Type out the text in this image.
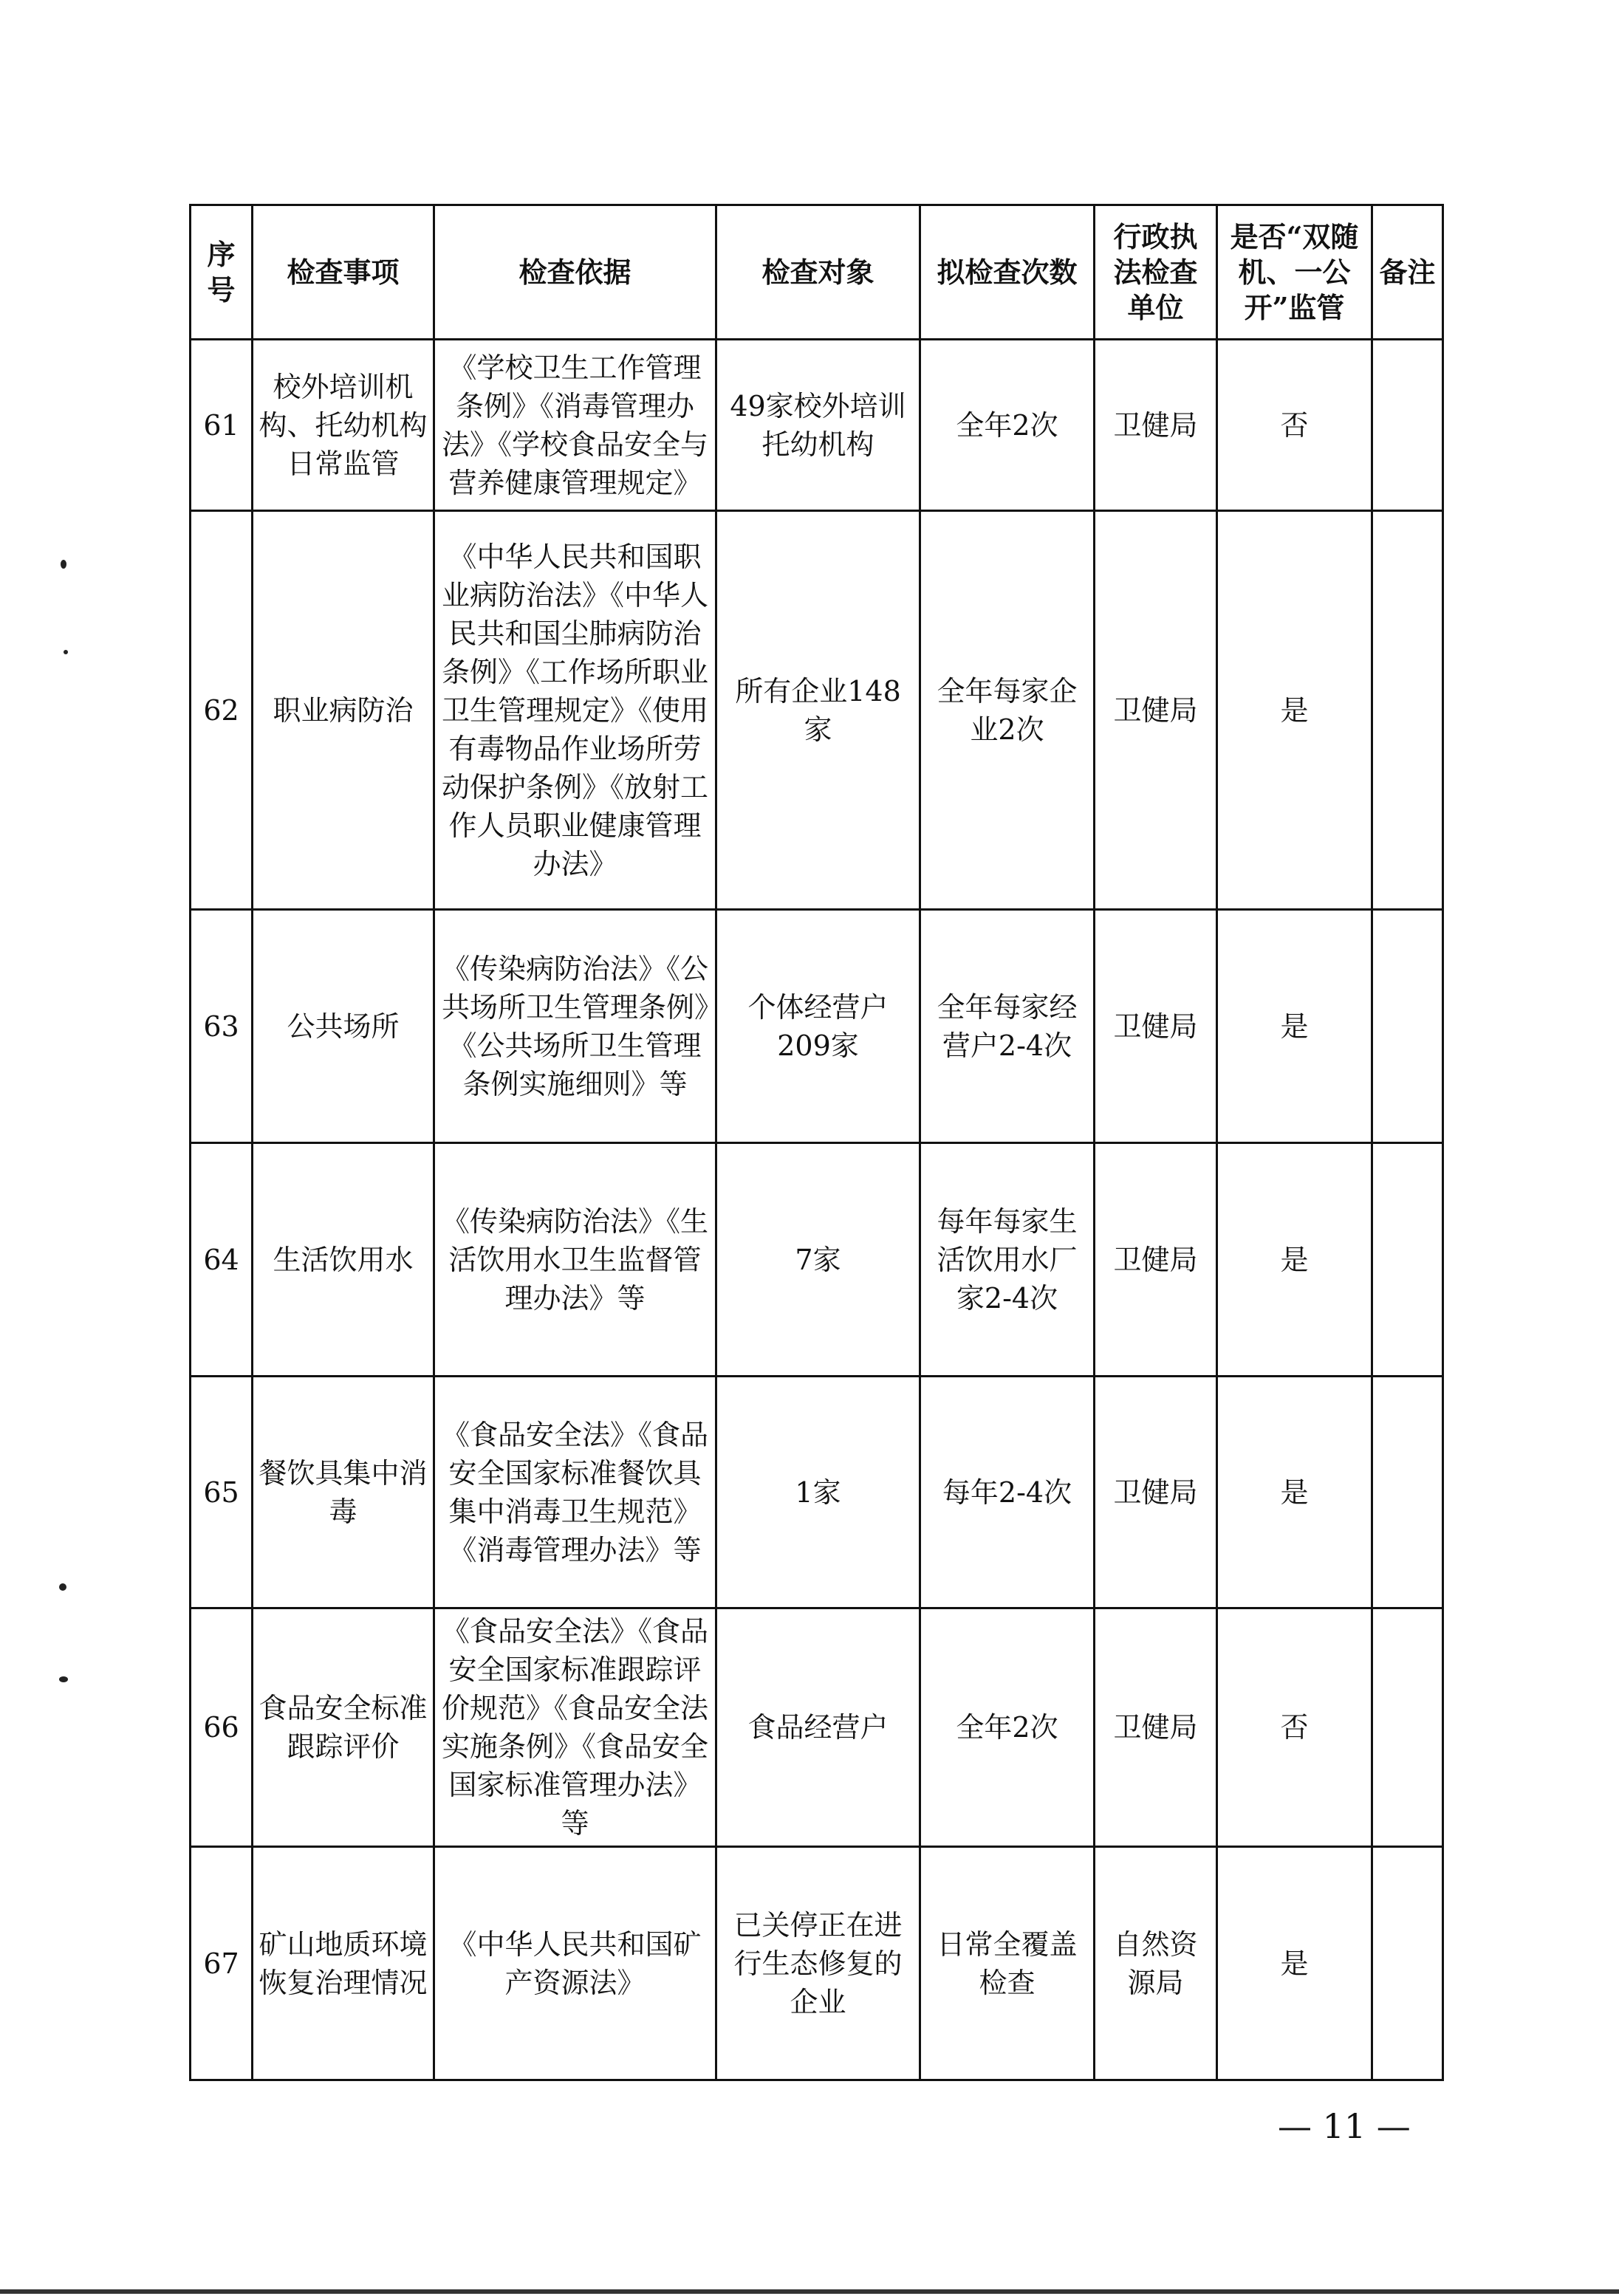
序号	检查事项	检查依据	检查对象	拟检查次数	行政执法检查单位	是否“双随机、一公开”监管	备注
61	校外培训机构、托幼机构日常监管	《学校卫生工作管理条例》《消毒管理办法》《学校食品安全与营养健康管理规定》	49家校外培训托幼机构	全年2次	卫健局	否	
62	职业病防治	《中华人民共和国职业病防治法》《中华人民共和国尘肺病防治条例》《工作场所职业卫生管理规定》《使用有毒物品作业场所劳动保护条例》《放射工作人员职业健康管理办法》	所有企业148家	全年每家企业2次	卫健局	是	
63	公共场所	《传染病防治法》《公共场所卫生管理条例》《公共场所卫生管理条例实施细则》等	个体经营户209家	全年每家经营户2-4次	卫健局	是	
64	生活饮用水	《传染病防治法》《生活饮用水卫生监督管理办法》等	7家	每年每家生活饮用水厂家2-4次	卫健局	是	
65	餐饮具集中消毒	《食品安全法》《食品安全国家标准餐饮具集中消毒卫生规范》《消毒管理办法》等	1家	每年2-4次	卫健局	是	
66	食品安全标准跟踪评价	《食品安全法》《食品安全国家标准跟踪评价规范》《食品安全法实施条例》《食品安全国家标准管理办法》等	食品经营户	全年2次	卫健局	否	
67	矿山地质环境恢复治理情况	《中华人民共和国矿产资源法》	已关停正在进行生态修复的企业	日常全覆盖检查	自然资源局	是	
— 11 —
